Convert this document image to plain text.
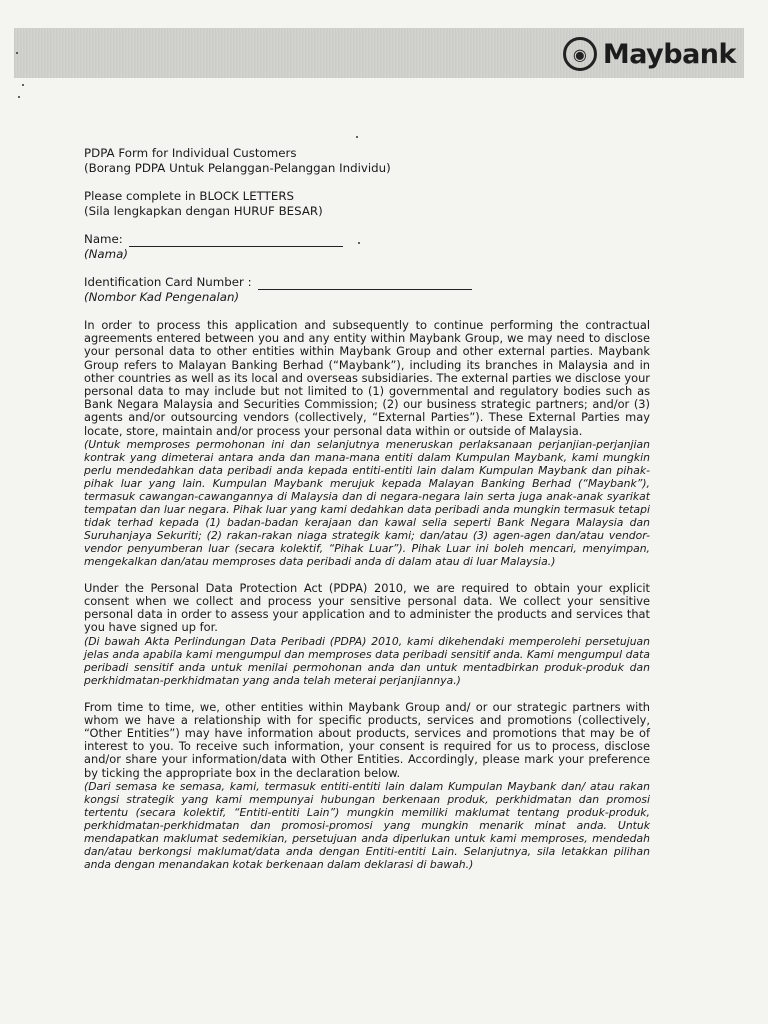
◉ Maybank

PDPA Form for Individual Customers

(Borang PDPA Untuk Pelanggan-Pelanggan Individu)

Please complete in BLOCK LETTERS

(Sila lengkapkan dengan HURUF BESAR)

Name:

(Nama)

Identification Card Number :

(Nombor Kad Pengenalan)

In order to process this application and subsequently to continue performing the contractual agreements entered between you and any entity within Maybank Group, we may need to disclose your personal data to other entities within Maybank Group and other external parties. Maybank Group refers to Malayan Banking Berhad (“Maybank”), including its branches in Malaysia and in other countries as well as its local and overseas subsidiaries. The external parties we disclose your personal data to may include but not limited to (1) governmental and regulatory bodies such as Bank Negara Malaysia and Securities Commission; (2) our business strategic partners; and/or (3) agents and/or outsourcing vendors (collectively, “External Parties”). These External Parties may locate, store, maintain and/or process your personal data within or outside of Malaysia.

(Untuk memproses permohonan ini dan selanjutnya meneruskan perlaksanaan perjanjian-perjanjian kontrak yang dimeterai antara anda dan mana-mana entiti dalam Kumpulan Maybank, kami mungkin perlu mendedahkan data peribadi anda kepada entiti-entiti lain dalam Kumpulan Maybank dan pihak-pihak luar yang lain. Kumpulan Maybank merujuk kepada Malayan Banking Berhad (“Maybank”), termasuk cawangan-cawangannya di Malaysia dan di negara-negara lain serta juga anak-anak syarikat tempatan dan luar negara. Pihak luar yang kami dedahkan data peribadi anda mungkin termasuk tetapi tidak terhad kepada (1) badan-badan kerajaan dan kawal selia seperti Bank Negara Malaysia dan Suruhanjaya Sekuriti; (2) rakan-rakan niaga strategik kami; dan/atau (3) agen-agen dan/atau vendor-vendor penyumberan luar (secara kolektif, “Pihak Luar”). Pihak Luar ini boleh mencari, menyimpan, mengekalkan dan/atau memproses data peribadi anda di dalam atau di luar Malaysia.)

Under the Personal Data Protection Act (PDPA) 2010, we are required to obtain your explicit consent when we collect and process your sensitive personal data. We collect your sensitive personal data in order to assess your application and to administer the products and services that you have signed up for.

(Di bawah Akta Perlindungan Data Peribadi (PDPA) 2010, kami dikehendaki memperolehi persetujuan jelas anda apabila kami mengumpul dan memproses data peribadi sensitif anda. Kami mengumpul data peribadi sensitif anda untuk menilai permohonan anda dan untuk mentadbirkan produk-produk dan perkhidmatan-perkhidmatan yang anda telah meterai perjanjiannya.)

From time to time, we, other entities within Maybank Group and/ or our strategic partners with whom we have a relationship with for specific products, services and promotions (collectively, “Other Entities”) may have information about products, services and promotions that may be of interest to you. To receive such information, your consent is required for us to process, disclose and/or share your information/data with Other Entities. Accordingly, please mark your preference by ticking the appropriate box in the declaration below.

(Dari semasa ke semasa, kami, termasuk entiti-entiti lain dalam Kumpulan Maybank dan/ atau rakan kongsi strategik yang kami mempunyai hubungan berkenaan produk, perkhidmatan dan promosi tertentu (secara kolektif, “Entiti-entiti Lain”) mungkin memiliki maklumat tentang produk-produk, perkhidmatan-perkhidmatan dan promosi-promosi yang mungkin menarik minat anda. Untuk mendapatkan maklumat sedemikian, persetujuan anda diperlukan untuk kami memproses, mendedah dan/atau berkongsi maklumat/data anda dengan Entiti-entiti Lain. Selanjutnya, sila letakkan pilihan anda dengan menandakan kotak berkenaan dalam deklarasi di bawah.)
